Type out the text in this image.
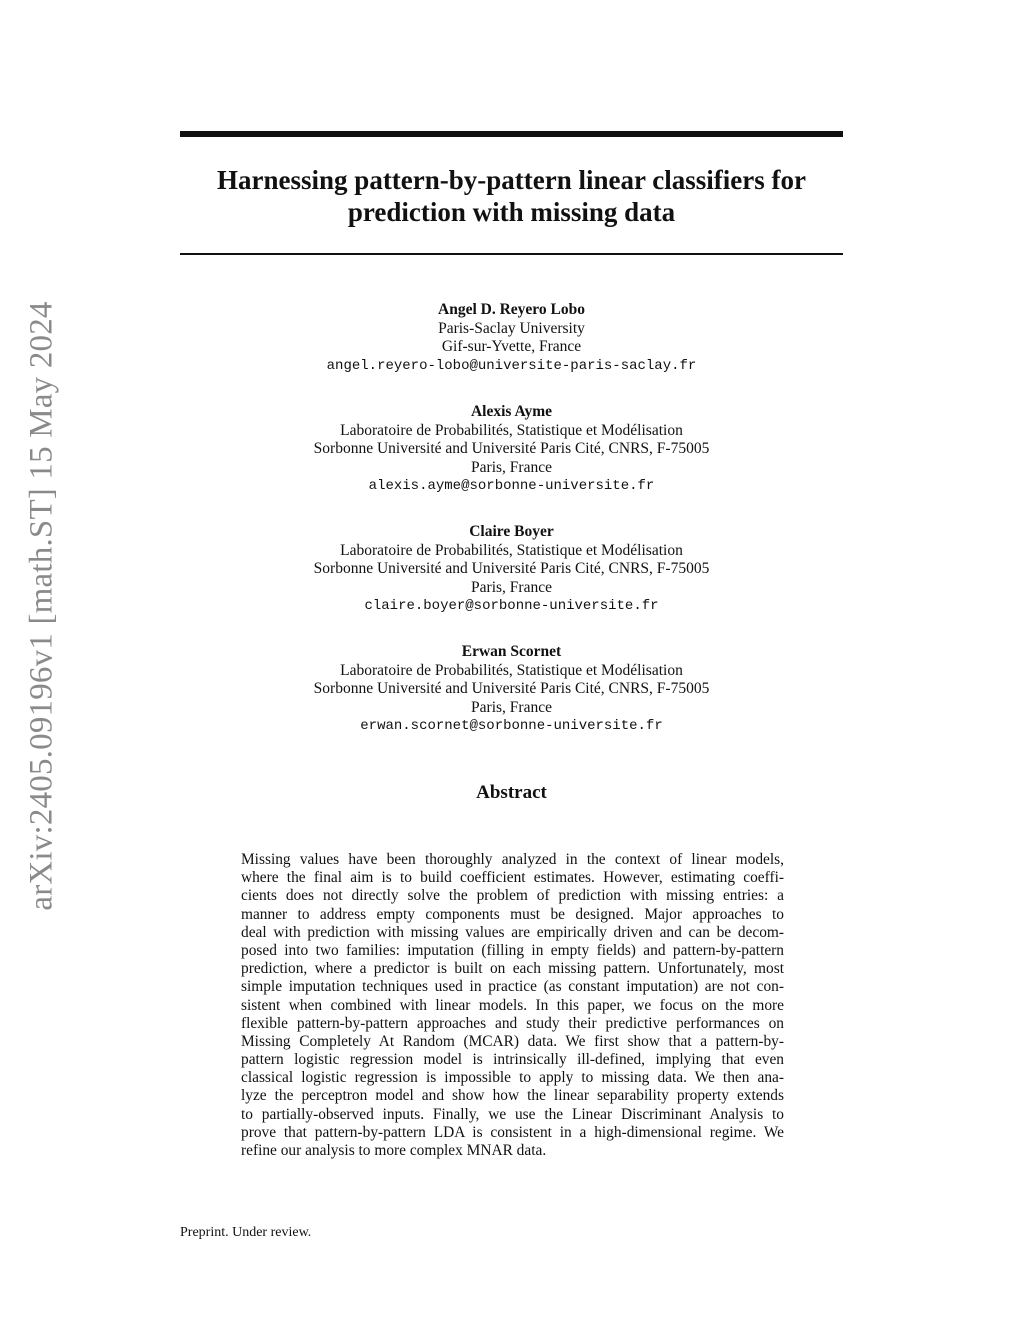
arXiv:2405.09196v1 [math.ST] 15 May 2024
Harnessing pattern-by-pattern linear classifiers for
prediction with missing data
Angel D. Reyero Lobo
Paris-Saclay University
Gif-sur-Yvette, France
angel.reyero-lobo@universite-paris-saclay.fr
Alexis Ayme
Laboratoire de Probabilités, Statistique et Modélisation
Sorbonne Université and Université Paris Cité, CNRS, F-75005
Paris, France
alexis.ayme@sorbonne-universite.fr
Claire Boyer
Laboratoire de Probabilités, Statistique et Modélisation
Sorbonne Université and Université Paris Cité, CNRS, F-75005
Paris, France
claire.boyer@sorbonne-universite.fr
Erwan Scornet
Laboratoire de Probabilités, Statistique et Modélisation
Sorbonne Université and Université Paris Cité, CNRS, F-75005
Paris, France
erwan.scornet@sorbonne-universite.fr
Abstract
Missing values have been thoroughly analyzed in the context of linear models,
where the final aim is to build coefficient estimates. However, estimating coeffi-
cients does not directly solve the problem of prediction with missing entries: a
manner to address empty components must be designed. Major approaches to
deal with prediction with missing values are empirically driven and can be decom-
posed into two families: imputation (filling in empty fields) and pattern-by-pattern
prediction, where a predictor is built on each missing pattern. Unfortunately, most
simple imputation techniques used in practice (as constant imputation) are not con-
sistent when combined with linear models. In this paper, we focus on the more
flexible pattern-by-pattern approaches and study their predictive performances on
Missing Completely At Random (MCAR) data. We first show that a pattern-by-
pattern logistic regression model is intrinsically ill-defined, implying that even
classical logistic regression is impossible to apply to missing data. We then ana-
lyze the perceptron model and show how the linear separability property extends
to partially-observed inputs. Finally, we use the Linear Discriminant Analysis to
prove that pattern-by-pattern LDA is consistent in a high-dimensional regime. We
refine our analysis to more complex MNAR data.
Preprint. Under review.
